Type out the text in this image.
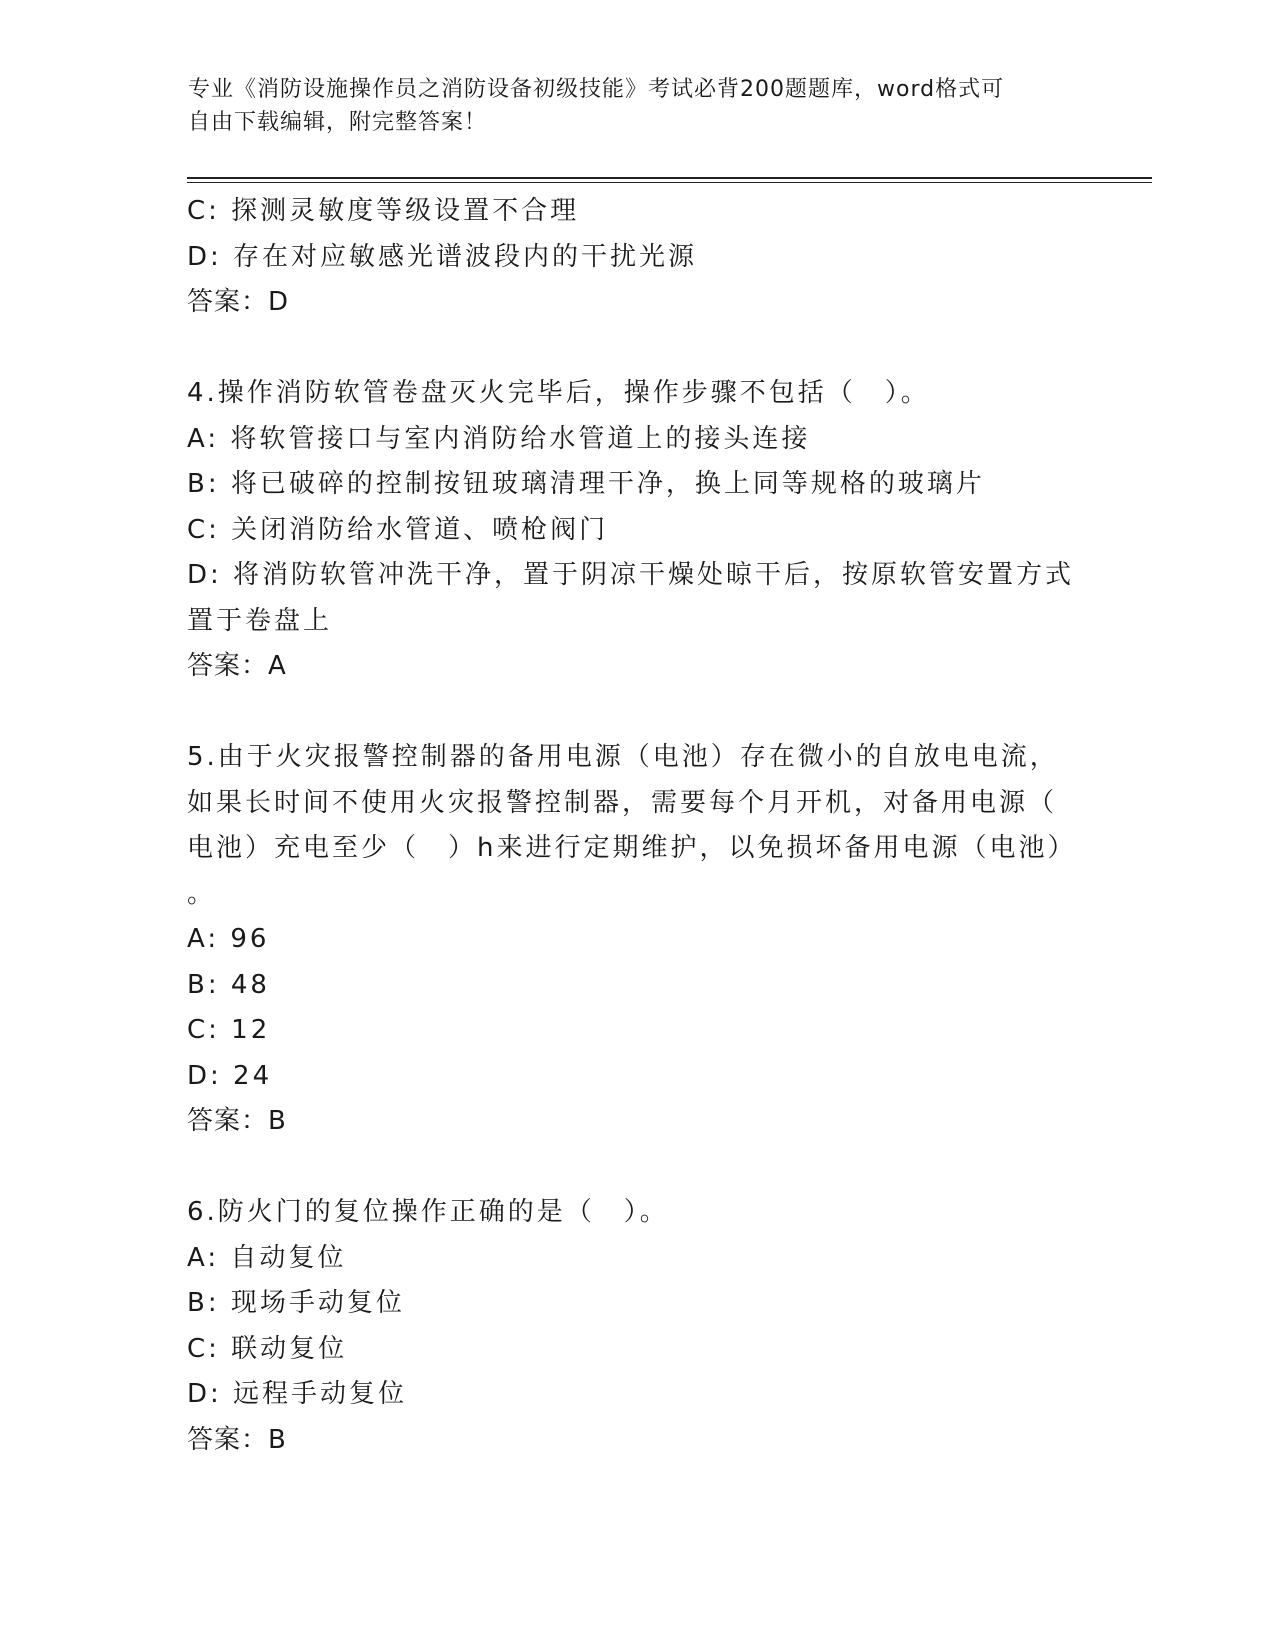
专业《消防设施操作员之消防设备初级技能》考试必背200题题库，word格式可
自由下载编辑，附完整答案！
C: 探测灵敏度等级设置不合理
D: 存在对应敏感光谱波段内的干扰光源
答案：D
4.操作消防软管卷盘灭火完毕后，操作步骤不包括（　）。
A: 将软管接口与室内消防给水管道上的接头连接
B: 将已破碎的控制按钮玻璃清理干净，换上同等规格的玻璃片
C: 关闭消防给水管道、喷枪阀门
D: 将消防软管冲洗干净，置于阴凉干燥处晾干后，按原软管安置方式
置于卷盘上
答案：A
5.由于火灾报警控制器的备用电源（电池）存在微小的自放电电流，
如果长时间不使用火灾报警控制器，需要每个月开机，对备用电源（
电池）充电至少（　）h来进行定期维护，以免损坏备用电源（电池）
。
A: 96
B: 48
C: 12
D: 24
答案：B
6.防火门的复位操作正确的是（　）。
A: 自动复位
B: 现场手动复位
C: 联动复位
D: 远程手动复位
答案：B
